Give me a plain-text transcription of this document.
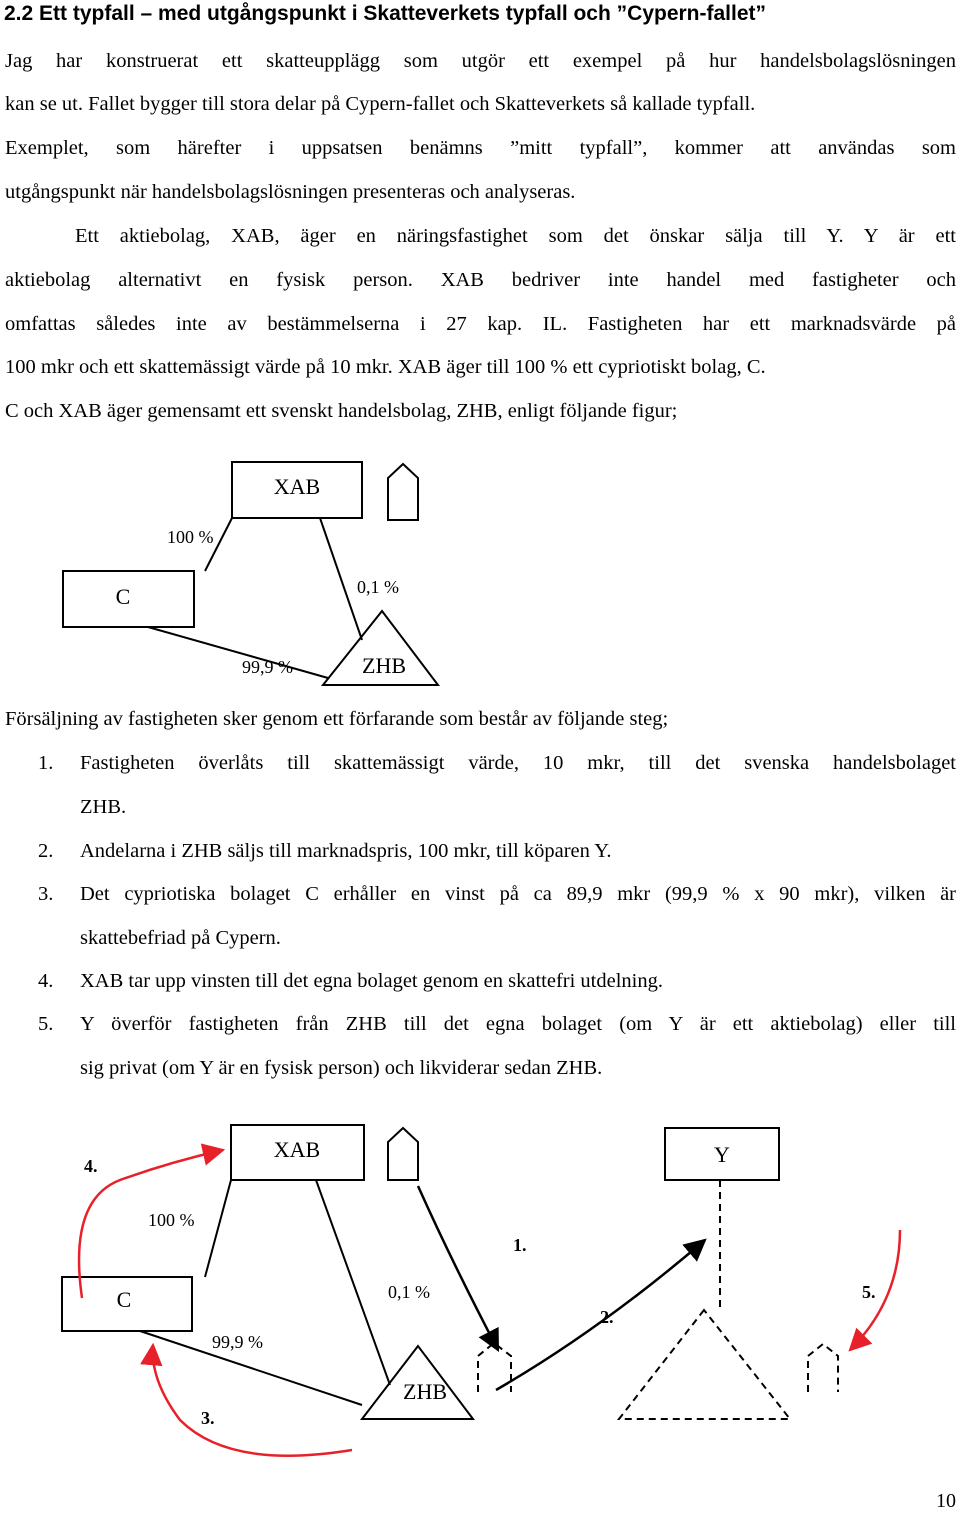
2.2 Ett typfall – med utgångspunkt i Skatteverkets typfall och ”Cypern-fallet”
Jag har konstruerat ett skatteupplägg som utgör ett exempel på hur handelsbolagslösningen
kan se ut. Fallet bygger till stora delar på Cypern-fallet och Skatteverkets så kallade typfall.
Exemplet, som härefter i uppsatsen benämns ”mitt typfall”, kommer att användas som
utgångspunkt när handelsbolagslösningen presenteras och analyseras.
Ett aktiebolag, XAB, äger en näringsfastighet som det önskar sälja till Y. Y är ett
aktiebolag alternativt en fysisk person. XAB bedriver inte handel med fastigheter och
omfattas således inte av bestämmelserna i 27 kap. IL. Fastigheten har ett marknadsvärde på
100 mkr och ett skattemässigt värde på 10 mkr. XAB äger till 100 % ett cypriotiskt bolag, C.
C och XAB äger gemensamt ett svenskt handelsbolag, ZHB, enligt följande figur;
XAB
C
ZHB
100 %
0,1 %
99,9 %
Försäljning av fastigheten sker genom ett förfarande som består av följande steg;
1. Fastigheten överlåts till skattemässigt värde, 10 mkr, till det svenska handelsbolaget
ZHB.
2. Andelarna i ZHB säljs till marknadspris, 100 mkr, till köparen Y.
3. Det cypriotiska bolaget C erhåller en vinst på ca 89,9 mkr (99,9 % x 90 mkr), vilken är
skattebefriad på Cypern.
4. XAB tar upp vinsten till det egna bolaget genom en skattefri utdelning.
5. Y överför fastigheten från ZHB till det egna bolaget (om Y är ett aktiebolag) eller till
sig privat (om Y är en fysisk person) och likviderar sedan ZHB.
XAB	Y
C
ZHB
100 %
0,1 %
99,9 %
4.
1.
2.
3.
5.
10
